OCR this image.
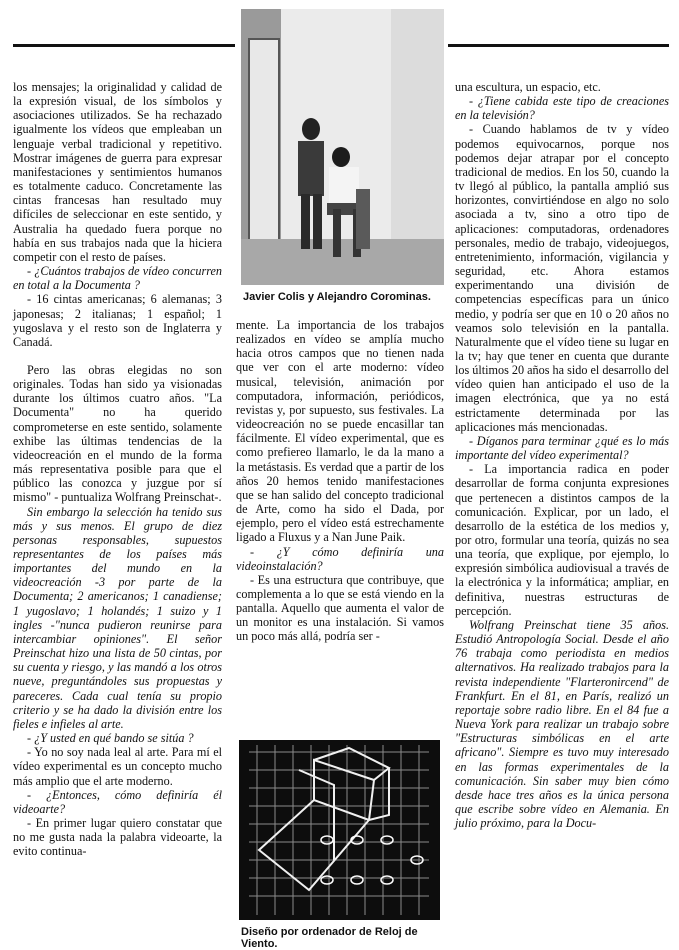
los mensajes; la originalidad y calidad de la expresión visual, de los símbolos y asociaciones utilizados. Se ha rechazado igualmente los vídeos que empleaban un lenguaje verbal tradicional y repetitivo. Mostrar imágenes de guerra para expresar manifestaciones y sentimientos humanos es totalmente caduco. Concretamente las cintas francesas han resultado muy difíciles de seleccionar en este sentido, y Australia ha quedado fuera porque no había en sus trabajos nada que la hiciera competir con el resto de países.

- ¿Cuántos trabajos de vídeo concurren en total a la Documenta ?

- 16 cintas americanas; 6 alemanas; 3 japonesas; 2 italianas; 1 español; 1 yugoslava y el resto son de Inglaterra y Canadá.

Pero las obras elegidas no son originales. Todas han sido ya visionadas durante los últimos cuatro años. "La Documenta" no ha querido comprometerse en este sentido, solamente exhibe las últimas tendencias de la videocreación en el mundo de la forma más representativa posible para que el público las conozca y juzgue por sí mismo" - puntualiza Wolfrang Preinschat-.

Sin embargo la selección ha tenido sus más y sus menos. El grupo de diez personas responsables, supuestos representantes de los países más importantes del mundo en la videocreación -3 por parte de la Documenta; 2 americanos; 1 canadiense; 1 yugoslavo; 1 holandés; 1 suizo y 1 ingles -"nunca pudieron reunirse para intercambiar opiniones". El señor Preinschat hizo una lista de 50 cintas, por su cuenta y riesgo, y las mandó a los otros nueve, preguntándoles sus propuestas y pareceres. Cada cual tenía su propio criterio y se ha dado la división entre los fieles e infieles al arte.

- ¿Y usted en qué bando se sitúa ?

- Yo no soy nada leal al arte. Para mí el vídeo experimental es un concepto mucho más amplio que el arte moderno.

- ¿Entonces, cómo definiría él videoarte?

- En primer lugar quiero constatar que no me gusta nada la palabra videoarte, la evito continua-

Javier Colis y Alejandro Corominas.

mente. La importancia de los trabajos realizados en vídeo se amplía mucho hacia otros campos que no tienen nada que ver con el arte moderno: vídeo musical, televisión, animación por computadora, información, periódicos, revistas y, por supuesto, sus festivales. La videocreación no se puede encasillar tan fácilmente. El vídeo experimental, que es como prefiereo llamarlo, le da la mano a la metástasis. Es verdad que a partir de los años 20 hemos tenido manifestaciones que se han salido del concepto tradicional de Arte, como ha sido el Dada, por ejemplo, pero el vídeo está estrechamente ligado a Fluxus y a Nan June Paik.

- ¿Y cómo definiría una videoinstalación?

- Es una estructura que contribuye, que complementa a lo que se está viendo en la pantalla. Aquello que aumenta el valor de un monitor es una instalación. Si vamos un poco más allá, podría ser -

Diseño por ordenador de Reloj de Viento.

una escultura, un espacio, etc.

- ¿Tiene cabida este tipo de creaciones en la televisión?

- Cuando hablamos de tv y vídeo podemos equivocarnos, porque nos podemos dejar atrapar por el concepto tradicional de medios. En los 50, cuando la tv llegó al público, la pantalla amplió sus horizontes, convirtiéndose en algo no solo asociada a tv, sino a otro tipo de aplicaciones: computadoras, ordenadores personales, medio de trabajo, videojuegos, entretenimiento, información, vigilancia y seguridad, etc. Ahora estamos experimentando una división de competencias específicas para un único medio, y podría ser que en 10 o 20 años no veamos solo televisión en la pantalla. Naturalmente que el vídeo tiene su lugar en la tv; hay que tener en cuenta que durante los últimos 20 años ha sido el desarrollo del vídeo quien han anticipado el uso de la imagen electrónica, que ya no está estrictamente determinada por las aplicaciones más mencionadas.

- Díganos para terminar ¿qué es lo más importante del vídeo experimental?

- La importancia radica en poder desarrollar de forma conjunta expresiones que pertenecen a distintos campos de la comunicación. Explicar, por un lado, el desarrollo de la estética de los medios y, por otro, formular una teoría, quizás no sea una teoría, que explique, por ejemplo, lo expresión simbólica audiovisual a través de la electrónica y la informática; ampliar, en definitiva, nuestras estructuras de percepción.

Wolfrang Preinschat tiene 35 años. Estudió Antropología Social. Desde el año 76 trabaja como periodista en medios alternativos. Ha realizado trabajos para la revista independiente "Flarteronircend" de Frankfurt. En el 81, en París, realizó un reportaje sobre radio libre. En el 84 fue a Nueva York para realizar un trabajo sobre "Estructuras simbólicas en el arte africano". Siempre es tuvo muy interesado en las formas experimentales de la comunicación. Sin saber muy bien cómo desde hace tres años es la única persona que escribe sobre vídeo en Alemania. En julio próximo, para la Docu-
